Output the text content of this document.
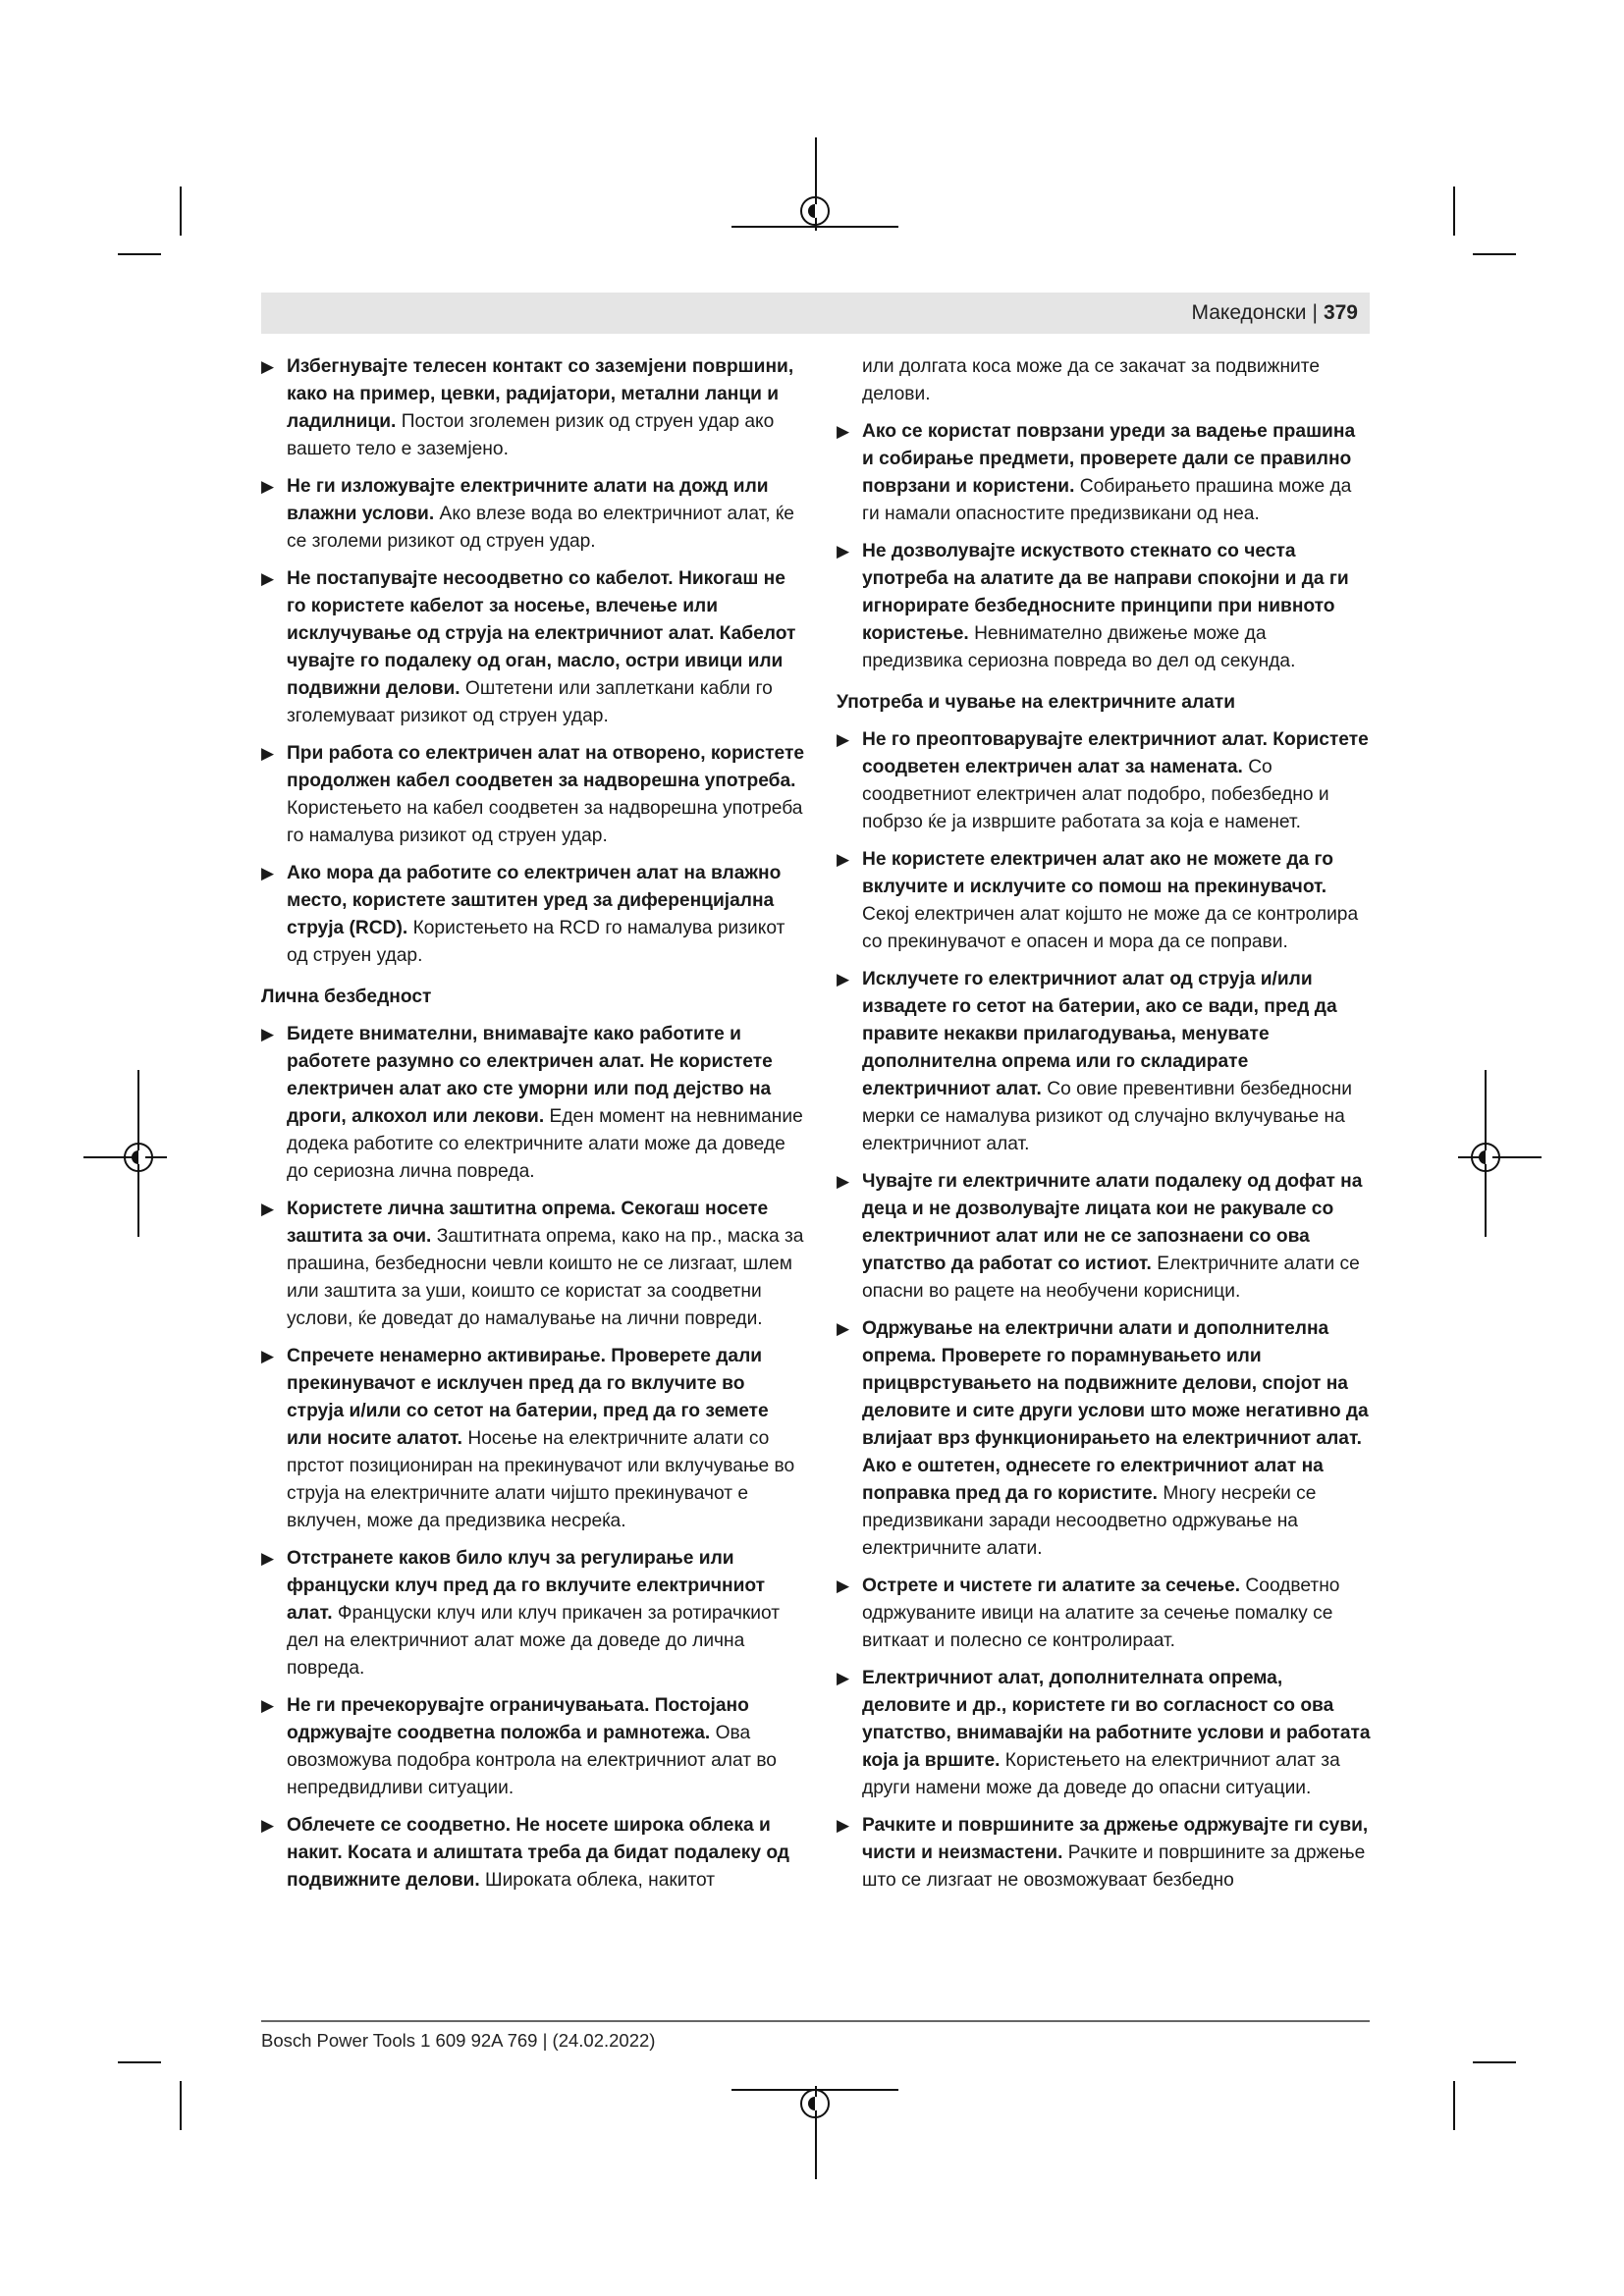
Македонски | 379
▶ Избегнувајте телесен контакт со заземјени површини, како на пример, цевки, радијатори, метални ланци и ладилници. Постои зголемен ризик од струен удар ако вашето тело е заземјено.
▶ Не ги изложувајте електричните алати на дожд или влажни услови. Ако влезе вода во електричниот алат, ќе се зголеми ризикот од струен удар.
▶ Не постапувајте несоодветно со кабелот. Никогаш не го користете кабелот за носење, влечење или исклучување од струја на електричниот алат. Кабелот чувајте го подалеку од оган, масло, остри ивици или подвижни делови. Оштетени или заплеткани кабли го зголемуваат ризикот од струен удар.
▶ При работа со електричен алат на отворено, користете продолжен кабел соодветен за надворешна употреба. Користењето на кабел соодветен за надворешна употреба го намалува ризикот од струен удар.
▶ Ако мора да работите со електричен алат на влажно место, користете заштитен уред за диференцијална струја (RCD). Користењето на RCD го намалува ризикот од струен удар.
Лична безбедност
▶ Бидете внимателни, внимавајте како работите и работете разумно со електричен алат. Не користете електричен алат ако сте уморни или под дејство на дроги, алкохол или лекови. Еден момент на невнимание додека работите со електричните алати може да доведе до сериозна лична повреда.
▶ Користете лична заштитна опрема. Секогаш носете заштита за очи. Заштитната опрема, како на пр., маска за прашина, безбедносни чевли коишто не се лизгаат, шлем или заштита за уши, коишто се користат за соодветни услови, ќе доведат до намалување на лични повреди.
▶ Спречете ненамерно активирање. Проверете дали прекинувачот е исклучен пред да го вклучите во струја и/или со сетот на батерии, пред да го земете или носите алатот. Носење на електричните алати со прстот позициониран на прекинувачот или вклучување во струја на електричните алати чијшто прекинувачот е вклучен, може да предизвика несреќа.
▶ Отстранете каков било клуч за регулирање или француски клуч пред да го вклучите електричниот алат. Француски клуч или клуч прикачен за ротирачкиот дел на електричниот алат може да доведе до лична повреда.
▶ Не ги пречекорувајте ограничувањата. Постојано одржувајте соодветна положба и рамнотежа. Ова овозможува подобра контрола на електричниот алат во непредвидливи ситуации.
▶ Облечете се соодветно. Не носете широка облека и накит. Косата и алиштата треба да бидат подалеку од подвижните делови. Широката облека, накитот
или долгата коса може да се закачат за подвижните делови.
▶ Ако се користат поврзани уреди за вадење прашина и собирање предмети, проверете дали се правилно поврзани и користени. Собирањето прашина може да ги намали опасностите предизвикани од неа.
▶ Не дозволувајте искуството стекнато со честа употреба на алатите да ве направи спокојни и да ги игнорирате безбедносните принципи при нивното користење. Невнимателно движење може да предизвика сериозна повреда во дел од секунда.
Употреба и чување на електричните алати
▶ Не го преоптоварувајте електричниот алат. Користете соодветен електричен алат за намената. Со соодветниот електричен алат подобро, побезбедно и побрзо ќе ја извршите работата за која е наменет.
▶ Не користете електричен алат ако не можете да го вклучите и исклучите со помош на прекинувачот. Секој електричен алат којшто не може да се контролира со прекинувачот е опасен и мора да се поправи.
▶ Исклучете го електричниот алат од струја и/или извадете го сетот на батерии, ако се вади, пред да правите некакви прилагодувања, менувате дополнителна опрема или го складирате електричниот алат. Со овие превентивни безбедносни мерки се намалува ризикот од случајно вклучување на електричниот алат.
▶ Чувајте ги електричните алати подалеку од дофат на деца и не дозволувајте лицата кои не ракувале со електричниот алат или не се запознаени со ова упатство да работат со истиот. Електричните алати се опасни во рацете на необучени корисници.
▶ Одржување на електрични алати и дополнителна опрема. Проверете го порамнувањето или прицврстувањето на подвижните делови, спојот на деловите и сите други услови што може негативно да влијаат врз функционирањето на електричниот алат. Ако е оштетен, однесете го електричниот алат на поправка пред да го користите. Многу несреќи се предизвикани заради несоодветно одржување на електричните алати.
▶ Острете и чистете ги алатите за сечење. Соодветно одржуваните ивици на алатите за сечење помалку се виткаат и полесно се контролираат.
▶ Електричниот алат, дополнителната опрема, деловите и др., користете ги во согласност со ова упатство, внимавајќи на работните услови и работата која ја вршите. Користењето на електричниот алат за други намени може да доведе до опасни ситуации.
▶ Рачките и површините за држење одржувајте ги суви, чисти и неизмастени. Рачките и површините за држење што се лизгаат не овозможуваат безбедно
Bosch Power Tools 1 609 92A 769 | (24.02.2022)
